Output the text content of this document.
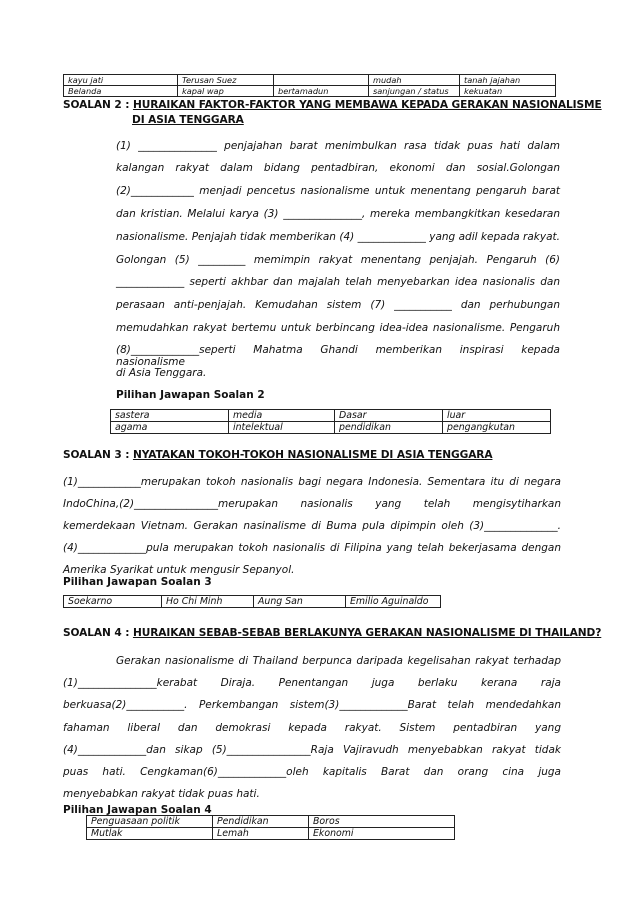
kayu jati	Terusan Suez		mudah	tanah jajahan
Belanda	kapal wap	bertamadun	sanjungan / status	kekuatan
SOALAN 2 : HURAIKAN FAKTOR-FAKTOR YANG MEMBAWA KEPADA GERAKAN NASIONALISME
DI ASIA TENGGARA
(1) _______________ penjajahan barat menimbulkan rasa tidak puas hati dalam
kalangan rakyat dalam bidang pentadbiran, ekonomi dan sosial.Golongan
(2)____________ menjadi pencetus nasionalisme untuk menentang pengaruh barat
dan kristian. Melalui karya (3) _______________, mereka membangkitkan kesedaran
nasionalisme. Penjajah tidak memberikan (4) _____________ yang adil kepada rakyat.
Golongan (5) _________ memimpin rakyat menentang penjajah. Pengaruh (6)
_____________ seperti akhbar dan majalah telah menyebarkan idea nasionalis dan
perasaan anti-penjajah. Kemudahan sistem (7) ___________ dan perhubungan
memudahkan rakyat bertemu untuk berbincang idea-idea nasionalisme. Pengaruh
(8)_____________seperti Mahatma Ghandi memberikan inspirasi kepada nasionalisme
di Asia Tenggara.
Pilihan Jawapan Soalan 2
sastera	media	Dasar	luar
agama	intelektual	pendidikan	pengangkutan
SOALAN 3 : NYATAKAN TOKOH-TOKOH NASIONALISME DI ASIA TENGGARA
(1)____________merupakan tokoh nasionalis bagi negara Indonesia. Sementara itu di negara
IndoChina,(2)________________merupakan nasionalis yang telah mengisytiharkan
kemerdekaan Vietnam. Gerakan nasinalisme di Buma pula dipimpin oleh (3)______________.
(4)_____________pula merupakan tokoh nasionalis di Filipina yang telah bekerjasama dengan
Amerika Syarikat untuk mengusir Sepanyol.
Pilihan Jawapan Soalan 3
Soekarno	Ho Chi Minh	Aung San	Emilio Aguinaldo
SOALAN 4 : HURAIKAN SEBAB-SEBAB BERLAKUNYA GERAKAN NASIONALISME DI THAILAND?
Gerakan nasionalisme di Thailand berpunca daripada kegelisahan rakyat terhadap
(1)_______________kerabat Diraja. Penentangan juga berlaku kerana raja
berkuasa(2)___________. Perkembangan sistem(3)_____________Barat telah mendedahkan
fahaman liberal dan demokrasi kepada rakyat. Sistem pentadbiran yang
(4)_____________dan sikap (5)________________Raja Vajiravudh menyebabkan rakyat tidak
puas hati. Cengkaman(6)_____________oleh kapitalis Barat dan orang cina juga
menyebabkan rakyat tidak puas hati.
Pilihan Jawapan Soalan 4
Penguasaan politik	Pendidikan	Boros
Mutlak	Lemah	Ekonomi
